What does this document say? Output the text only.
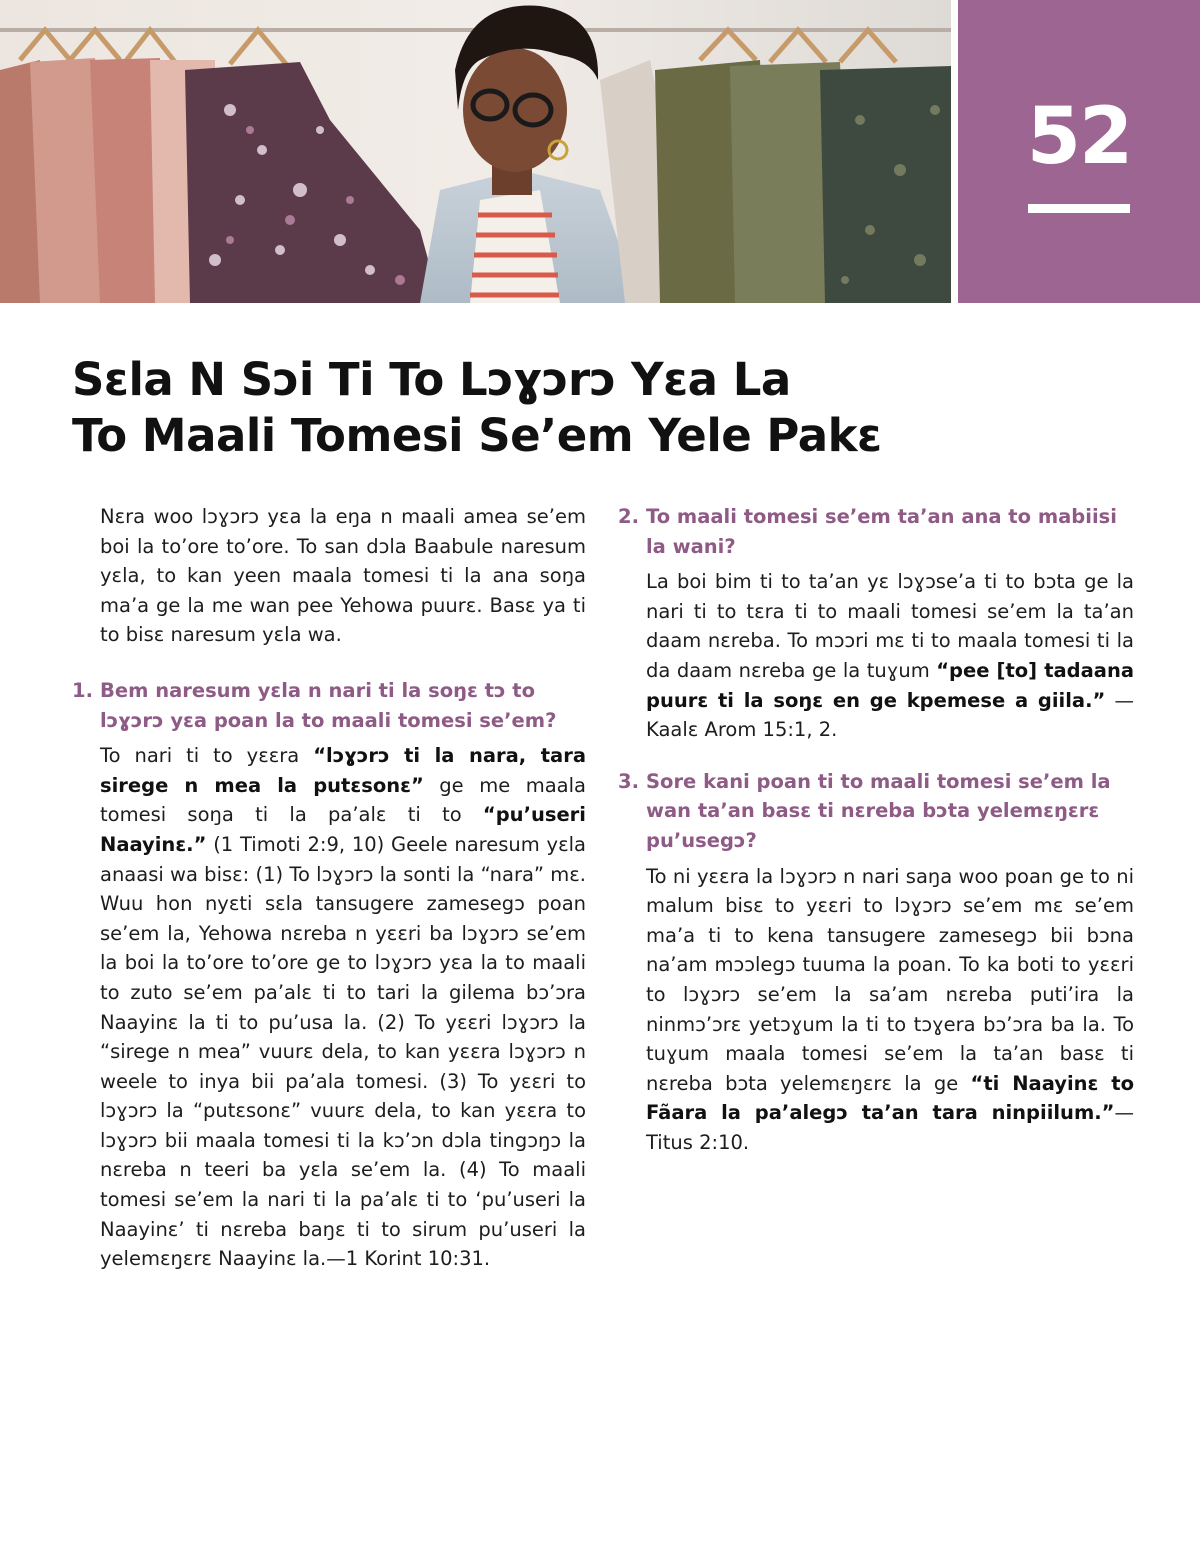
52
Sɛla N Sɔi Ti To Lɔɣɔrɔ Yɛa La
To Maali Tomesi Se’em Yele Pakɛ

Nɛra woo lɔɣɔrɔ yɛa la eŋa n maali amea se’em boi la to’ore to’ore. To san dɔla Baabule naresum yɛla, to kan yeen maala tomesi ti la ana soŋa ma’a ge la me wan pee Yehowa puurɛ. Basɛ ya ti to bisɛ naresum yɛla wa.

1. Bem naresum yɛla n nari ti la soŋɛ tɔ to lɔɣɔrɔ yɛa poan la to maali tomesi se’em?

To nari ti to yɛɛra “lɔɣɔrɔ ti la nara, tara sirege n mea la putɛsonɛ” ge me maala tomesi soŋa ti la pa’alɛ ti to “pu’useri Naayinɛ.” (1 Timoti 2:9, 10) Geele naresum yɛla anaasi wa bisɛ: (1) To lɔɣɔrɔ la sonti la “nara” mɛ. Wuu hon nyɛti sɛla tansugere zamesegɔ poan se’em la, Yehowa nɛreba n yɛɛri ba lɔɣɔrɔ se’em la boi la to’ore to’ore ge to lɔɣɔrɔ yɛa la to maali to zuto se’em pa’alɛ ti to tari la gilema bɔ’ɔra Naayinɛ la ti to pu’usa la. (2) To yɛɛri lɔɣɔrɔ la “sirege n mea” vuurɛ dela, to kan yɛɛra lɔɣɔrɔ n weele to inya bii pa’ala tomesi. (3) To yɛɛri to lɔɣɔrɔ la “putɛsonɛ” vuurɛ dela, to kan yɛɛra to lɔɣɔrɔ bii maala tomesi ti la kɔ’ɔn dɔla tingɔŋɔ la nɛreba n teeri ba yɛla se’em la. (4) To maali tomesi se’em la nari ti la pa’alɛ ti to ‘pu’useri la Naayinɛ’ ti nɛreba baŋɛ ti to sirum pu’useri la yelemɛŋɛrɛ Naayinɛ la.—1 Korint 10:31.

2. To maali tomesi se’em ta’an ana to mabiisi la wani?

La boi bim ti to ta’an yɛ lɔɣɔse’a ti to bɔta ge la nari ti to tɛra ti to maali tomesi se’em la ta’an daam nɛreba. To mɔɔri mɛ ti to maala tomesi ti la da daam nɛreba ge la tuɣum “pee [to] tadaana puurɛ ti la soŋɛ en ge kpemese a giila.” —Kaalɛ Arom 15:1, 2.

3. Sore kani poan ti to maali tomesi se’em la wan ta’an basɛ ti nɛreba bɔta yelemɛŋɛrɛ pu’usegɔ?

To ni yɛɛra la lɔɣɔrɔ n nari saŋa woo poan ge to ni malum bisɛ to yɛɛri to lɔɣɔrɔ se’em mɛ se’em ma’a ti to kena tansugere zamesegɔ bii bɔna na’am mɔɔlegɔ tuuma la poan. To ka boti to yɛɛri to lɔɣɔrɔ se’em la sa’am nɛreba puti’ira la ninmɔ’ɔrɛ yetɔɣum la ti to tɔɣera bɔ’ɔra ba la. To tuɣum maala tomesi se’em la ta’an basɛ ti nɛreba bɔta yelemɛŋɛrɛ la ge “ti Naayinɛ to Fãara la pa’alegɔ ta’an tara ninpiilum.”—Titus 2:10.
